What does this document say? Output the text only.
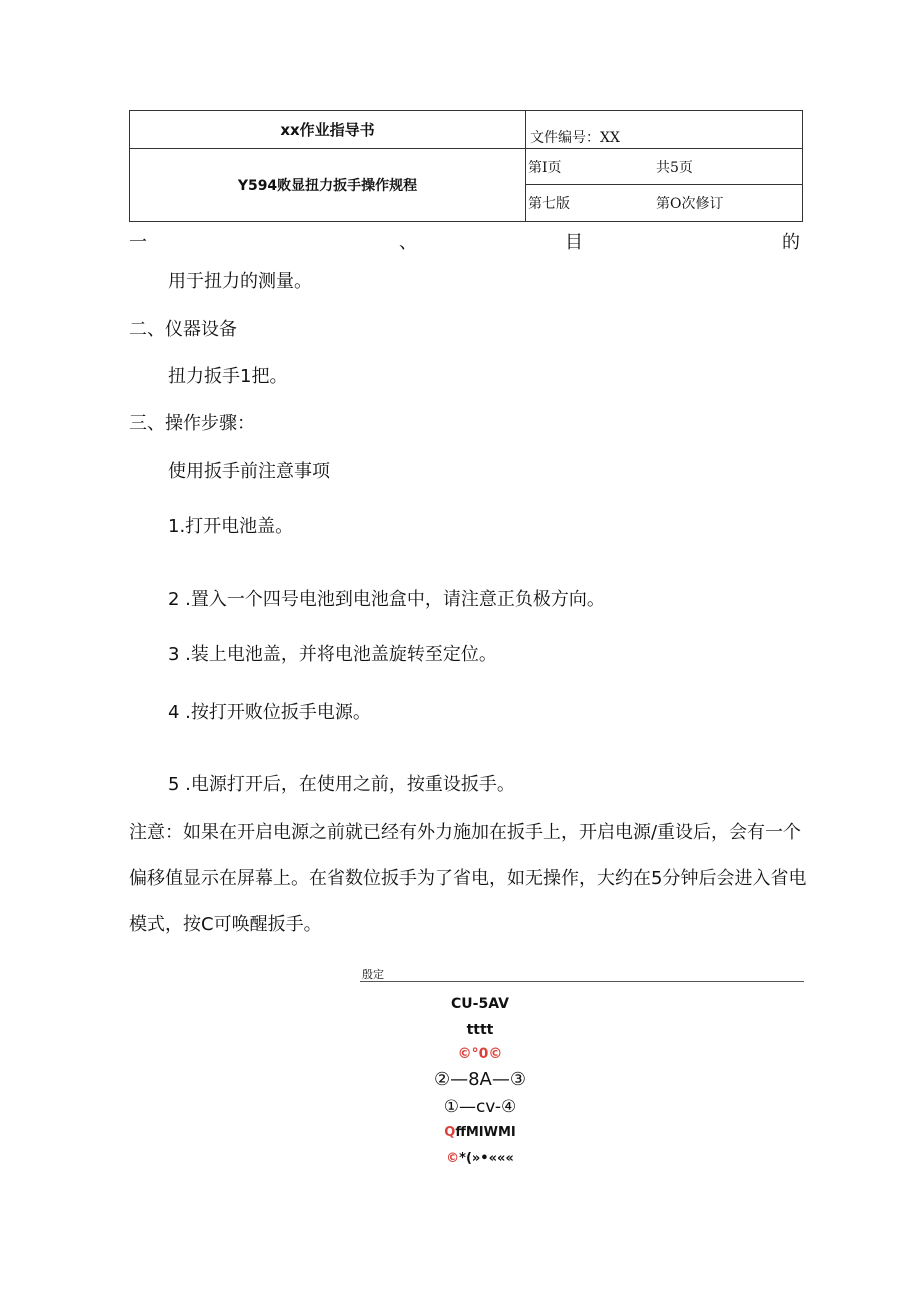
xx作业指导书	文件编号：XX

Y594败显扭力扳手操作规程	第I页 共5页

	第七版 第O次修订
一	、	目	的
用于扭力的测量。
二、仪器设备
扭力扳手1把。
三、操作步骤：
使用扳手前注意事项
1.打开电池盖。
2 .置入一个四号电池到电池盒中，请注意正负极方向。
3 .装上电池盖，并将电池盖旋转至定位。
4 .按打开败位扳手电源。
5 .电源打开后，在使用之前，按重设扳手。
注意：如果在开启电源之前就已经有外力施加在扳手上，开启电源/重设后，会有一个偏移值显示在屏幕上。在省数位扳手为了省电，如无操作，大约在5分钟后会进入省电模式，按C可唤醒扳手。
殷定
CU-5AV
tttt
©°0©
②—8A—③
①—cv-④
QffMIWMI
©*(»•«««
